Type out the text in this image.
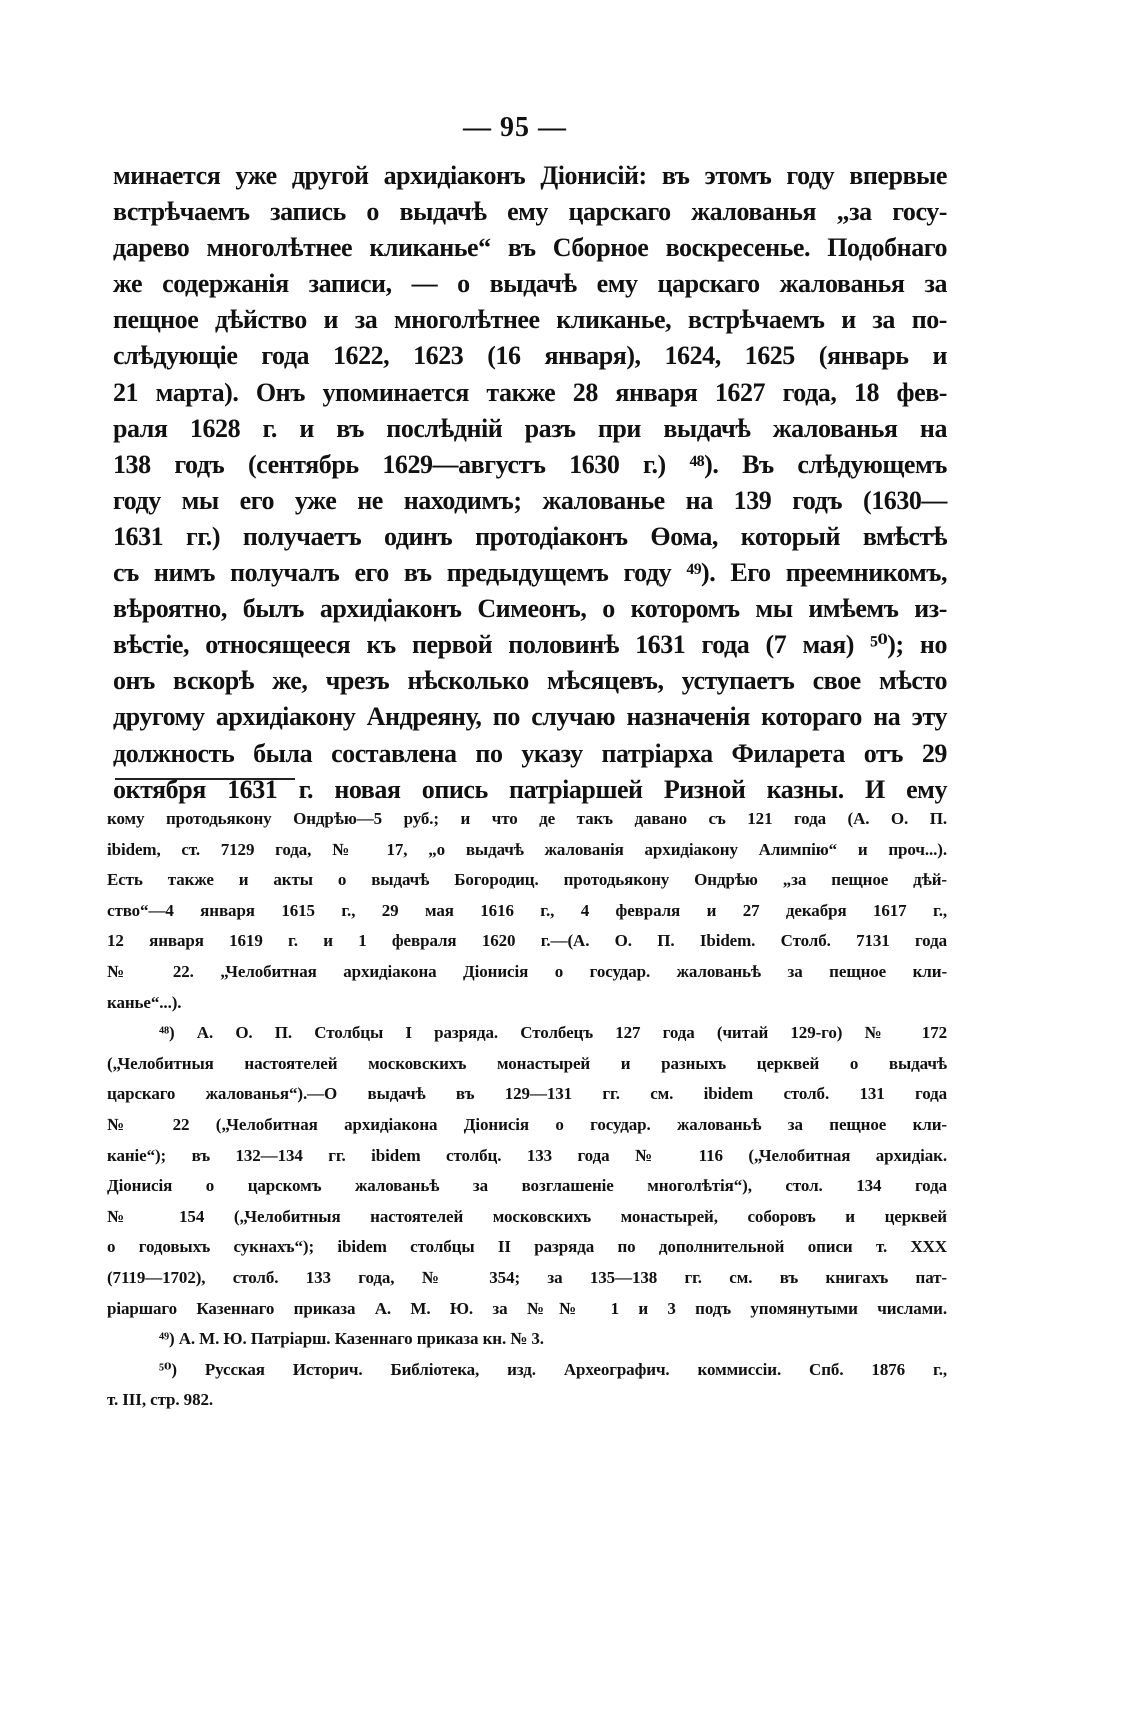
— 95 —
минается уже другой архидіаконъ Діонисій: въ этомъ году впервые
встрѣчаемъ запись о выдачѣ ему царскаго жалованья „за госу-
дарево многолѣтнее кликанье“ въ Сборное воскресенье. Подобнаго
же содержанія записи, — о выдачѣ ему царскаго жалованья за
пещное дѣйство и за многолѣтнее кликанье, встрѣчаемъ и за по-
слѣдующіе года 1622, 1623 (16 января), 1624, 1625 (январь и
21 марта). Онъ упоминается также 28 января 1627 года, 18 фев-
раля 1628 г. и въ послѣдній разъ при выдачѣ жалованья на
138 годъ (сентябрь 1629—августъ 1630 г.) ⁴⁸). Въ слѣдующемъ
году мы его уже не находимъ; жалованье на 139 годъ (1630—
1631 гг.) получаетъ одинъ протодіаконъ Өома, который вмѣстѣ
съ нимъ получалъ его въ предыдущемъ году ⁴⁹). Его преемникомъ,
вѣроятно, былъ архидіаконъ Симеонъ, о которомъ мы имѣемъ из-
вѣстіе, относящееся къ первой половинѣ 1631 года (7 мая) ⁵⁰); но
онъ вскорѣ же, чрезъ нѣсколько мѣсяцевъ, уступаетъ свое мѣсто
другому архидіакону Андреяну, по случаю назначенія котораго на эту
должность была составлена по указу патріарха Филарета отъ 29
октября 1631 г. новая опись патріаршей Ризной казны. И ему
кому протодьякону Ондрѣю—5 руб.; и что де такъ давано съ 121 года (А. О. П.
ibidem, ст. 7129 года, № 17, „о выдачѣ жалованія архидіакону Алимпію“ и проч...).
Есть также и акты о выдачѣ Богородиц. протодьякону Ондрѣю „за пещное дѣй-
ство“—4 января 1615 г., 29 мая 1616 г., 4 февраля и 27 декабря 1617 г.,
12 января 1619 г. и 1 февраля 1620 г.—(А. О. П. Ibidem. Столб. 7131 года
№ 22. „Челобитная архидіакона Діонисія о государ. жалованьѣ за пещное кли-
канье“...).
⁴⁸) А. О. П. Столбцы I разряда. Столбецъ 127 года (читай 129-го) № 172
(„Челобитныя настоятелей московскихъ монастырей и разныхъ церквей о выдачѣ
царскаго жалованья“).—О выдачѣ въ 129—131 гг. см. ibidem столб. 131 года
№ 22 („Челобитная архидіакона Діонисія о государ. жалованьѣ за пещное кли-
каніе“); въ 132—134 гг. ibidem столбц. 133 года № 116 („Челобитная архидіак.
Діонисія о царскомъ жалованьѣ за возглашеніе многолѣтія“), стол. 134 года
№ 154 („Челобитныя настоятелей московскихъ монастырей, соборовъ и церквей
о годовыхъ сукнахъ“); ibidem столбцы II разряда по дополнительной описи т. XXX
(7119—1702), столб. 133 года, № 354; за 135—138 гг. см. въ книгахъ пат-
ріаршаго Казеннаго приказа А. М. Ю. за №№ 1 и 3 подъ упомянутыми числами.
⁴⁹) А. М. Ю. Патріарш. Казеннаго приказа кн. № 3.
⁵⁰) Русская Историч. Библіотека, изд. Археографич. коммиссіи. Спб. 1876 г.,
т. III, стр. 982.
